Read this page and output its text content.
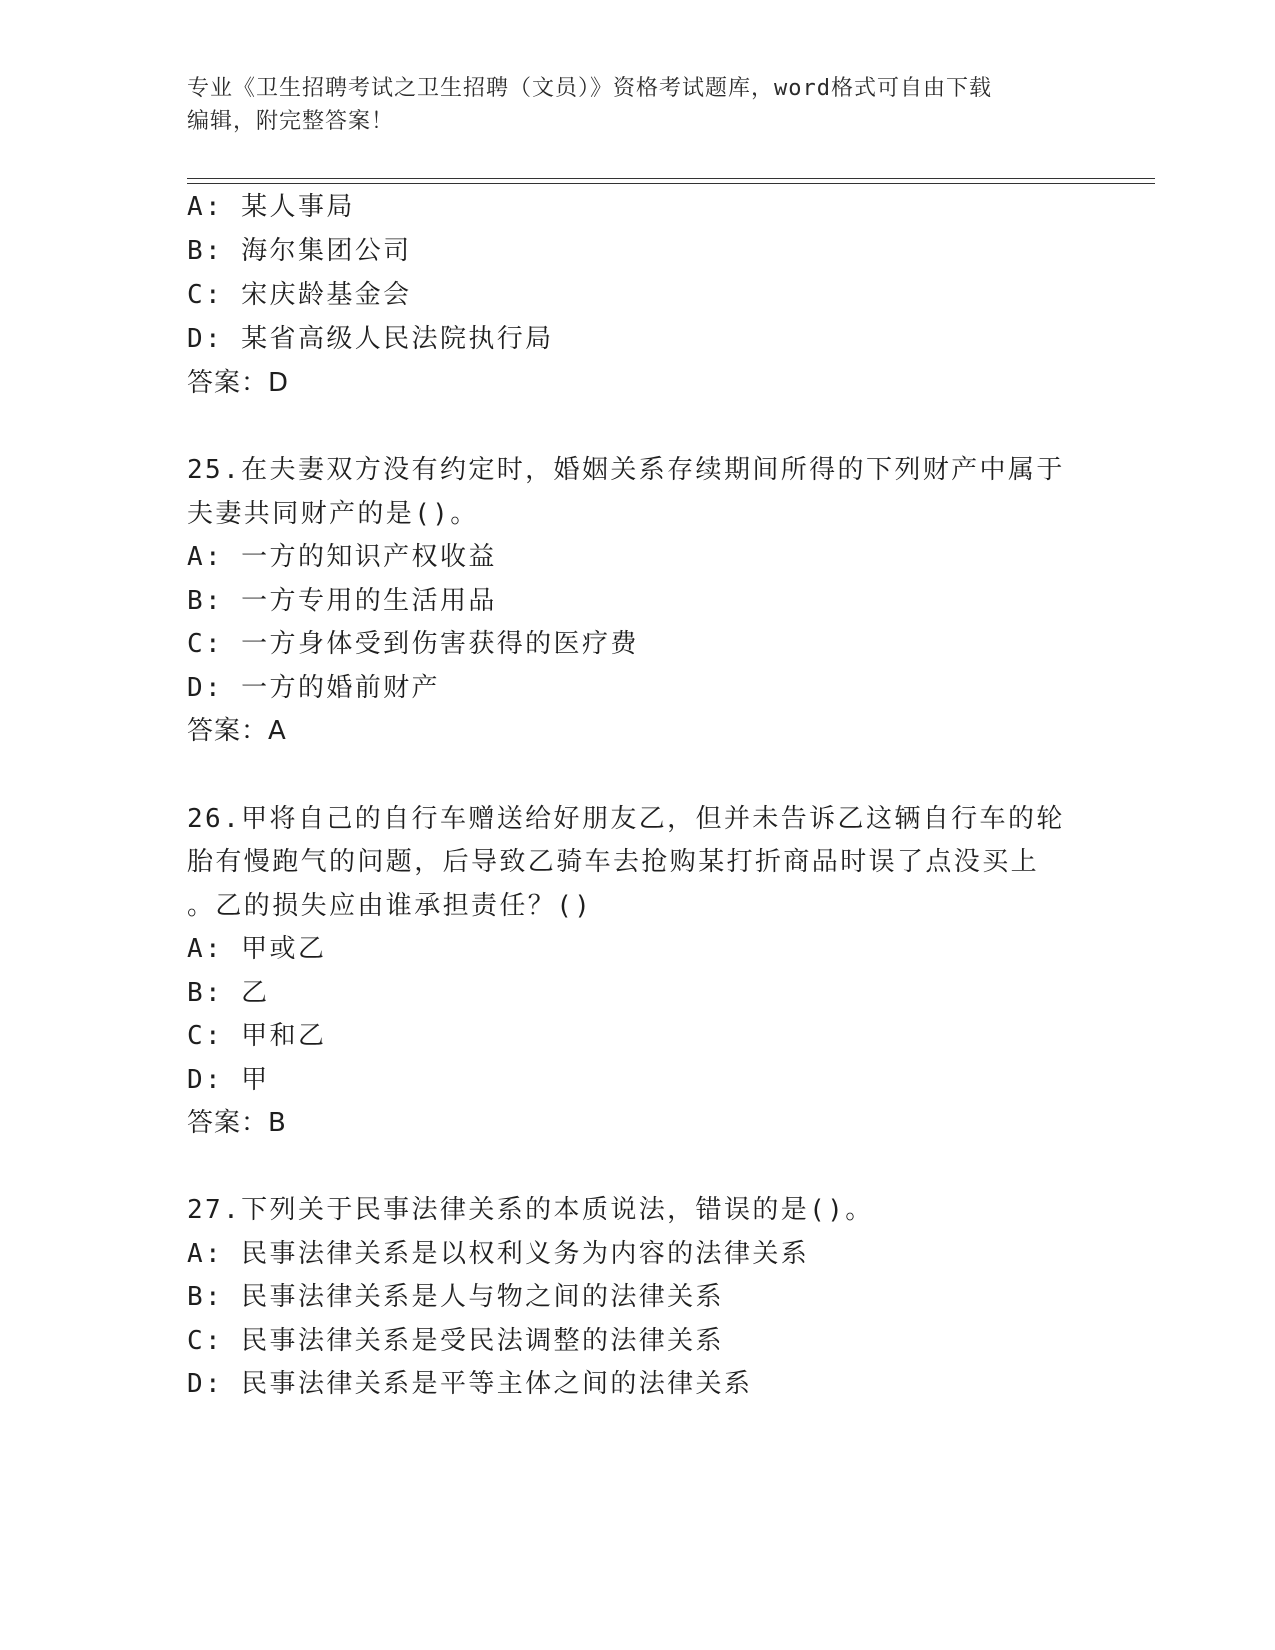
专业《卫生招聘考试之卫生招聘（文员）》资格考试题库，word格式可自由下载
编辑，附完整答案！
A: 某人事局
B: 海尔集团公司
C: 宋庆龄基金会
D: 某省高级人民法院执行局
答案：D
25.在夫妻双方没有约定时，婚姻关系存续期间所得的下列财产中属于
夫妻共同财产的是()。
A: 一方的知识产权收益
B: 一方专用的生活用品
C: 一方身体受到伤害获得的医疗费
D: 一方的婚前财产
答案：A
26.甲将自己的自行车赠送给好朋友乙，但并未告诉乙这辆自行车的轮
胎有慢跑气的问题，后导致乙骑车去抢购某打折商品时误了点没买上
。乙的损失应由谁承担责任？()
A: 甲或乙
B: 乙
C: 甲和乙
D: 甲
答案：B
27.下列关于民事法律关系的本质说法，错误的是()。
A: 民事法律关系是以权利义务为内容的法律关系
B: 民事法律关系是人与物之间的法律关系
C: 民事法律关系是受民法调整的法律关系
D: 民事法律关系是平等主体之间的法律关系
